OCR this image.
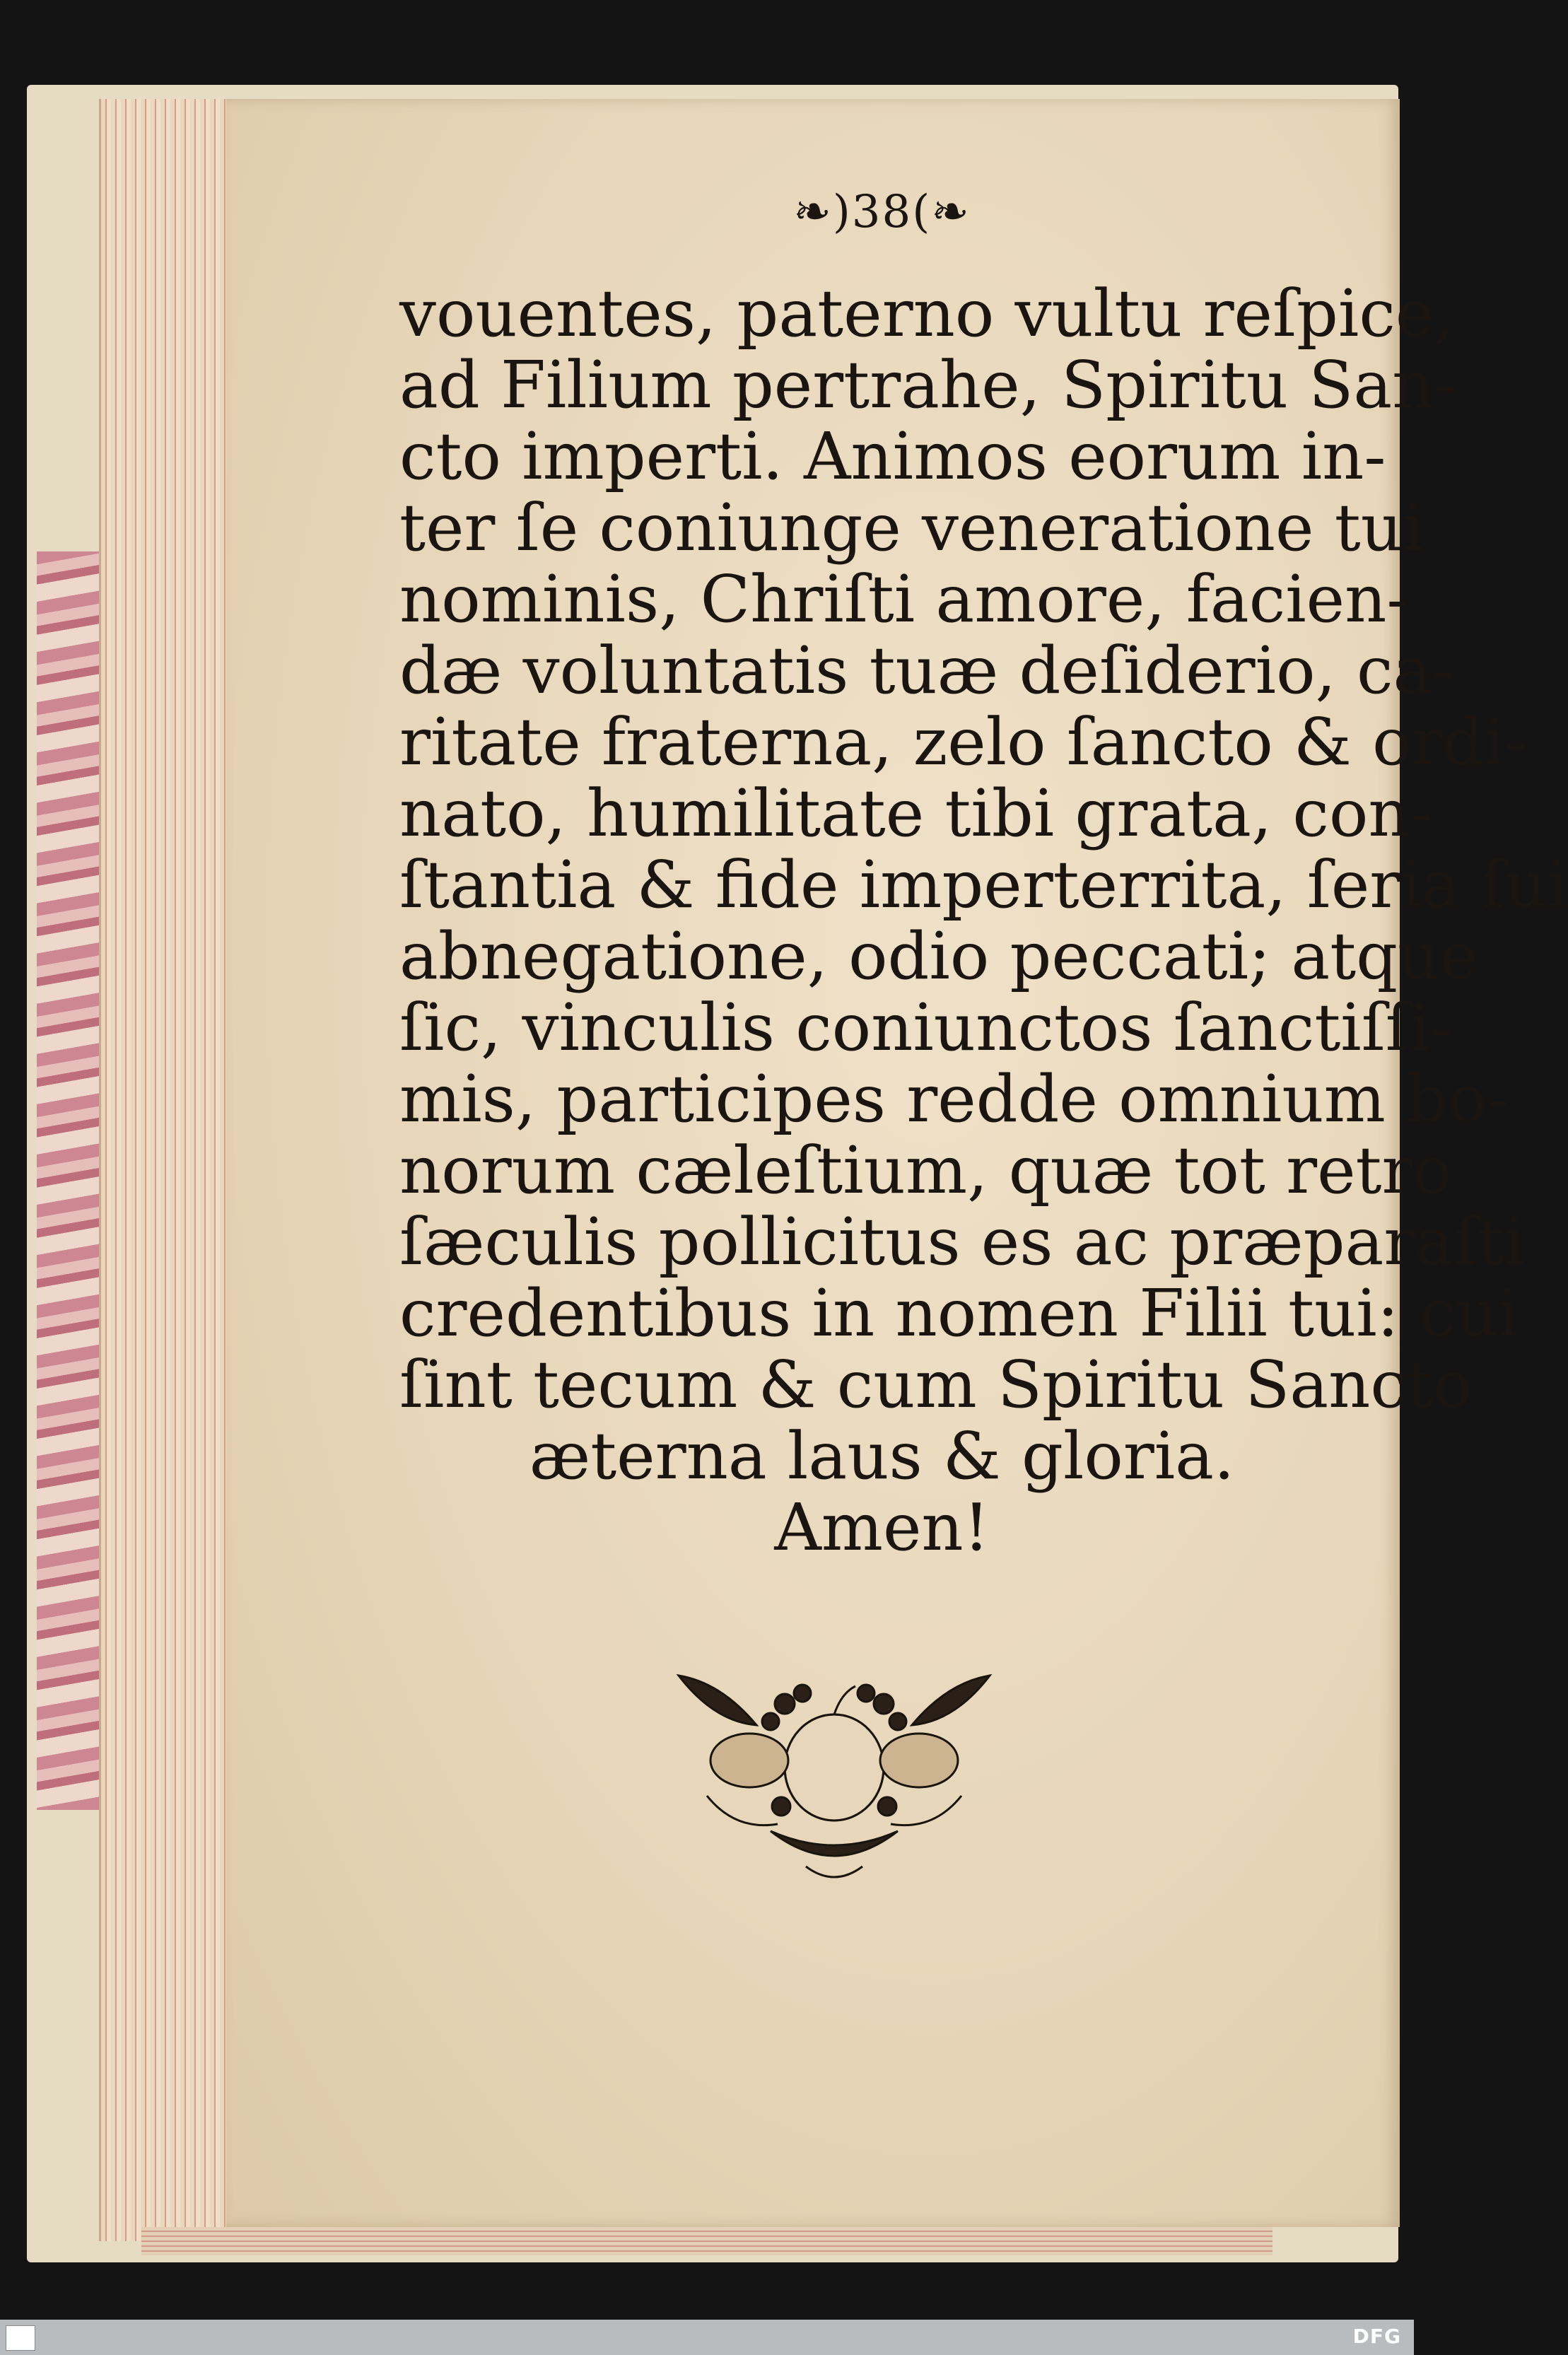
❧)38(❧
vouentes, paterno vultu reſpice,
ad Filium pertrahe, Spiritu San-
cto imperti. Animos eorum in-
ter ſe coniunge veneratione tui
nominis, Chriſti amore, facien-
dæ voluntatis tuæ deſiderio, ca-
ritate fraterna, zelo ſancto & ordi-
nato, humilitate tibi grata, con-
ſtantia & fide imperterrita, ſeria ſui
abnegatione, odio peccati; atque
ſic, vinculis coniunctos ſanctiſſi-
mis, participes redde omnium bo-
norum cæleſtium, quæ tot retro
ſæculis pollicitus es ac præparaſti
credentibus in nomen Filii tui: cui
ſint tecum & cum Spiritu Sancto
æterna laus & gloria.
Amen!
DFG
